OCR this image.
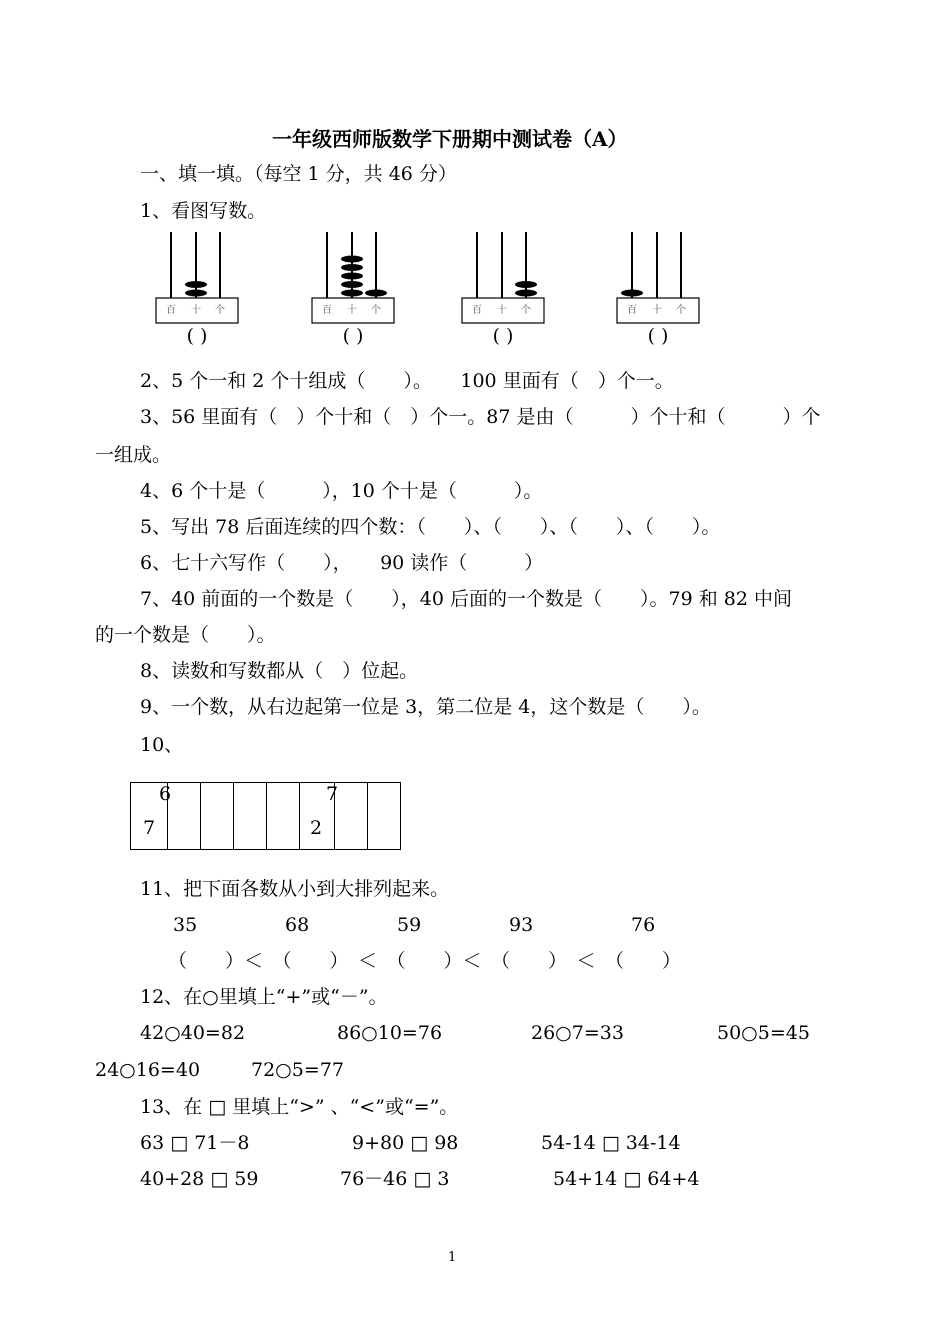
一年级西师版数学下册期中测试卷（A）
一、填一填。（每空 1 分，共 46 分）
1、看图写数。
百 十 个
( )
百 十 个
( )
百 十 个
( )
百 十 个
( )
2、5 个一和 2 个十组成（　　）。　　100 里面有（　）个一。
3、56 里面有（　）个十和（　）个一。87 是由（　　　）个十和（　　　）个
一组成。
4、6 个十是（　　　），10 个十是（　　　）。
5、写出 78 后面连续的四个数：（　　）、（　　）、（　　）、（　　）。
6、七十六写作（　　），　　90 读作（　　　）
7、40 前面的一个数是（　　），40 后面的一个数是（　　）。79 和 82 中间
的一个数是（　　）。
8、读数和写数都从（　）位起。
9、一个数，从右边起第一位是 3，第二位是 4，这个数是（　　）。
10、
6
7

7
2

11、把下面各数从小到大排列起来。
35	68	59	93	76
（　　）＜　（　　）　＜　（　　）＜　（　　）　＜　（　　）
12、在○里填上“+”或“－”。
42○40=82	86○10=76	26○7=33	50○5=45
24○16=40	72○5=77
13、在 □ 里填上“>” 、“<”或“=”。
63 □ 71－8	9+80 □ 98	54-14 □ 34-14
40+28 □ 59	76－46 □ 3	54+14 □ 64+4
1
